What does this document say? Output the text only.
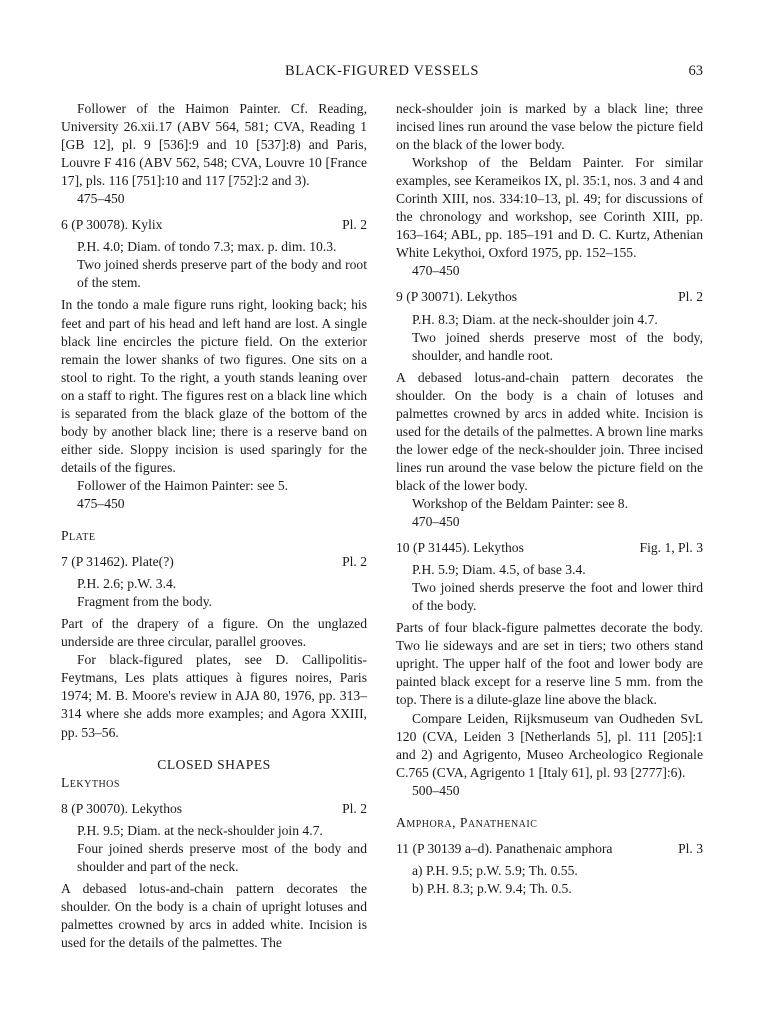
BLACK-FIGURED VESSELS	63

Follower of the Haimon Painter. Cf. Reading, University 26.xii.17 (ABV 564, 581; CVA, Reading 1 [GB 12], pl. 9 [536]:9 and 10 [537]:8) and Paris, Louvre F 416 (ABV 562, 548; CVA, Louvre 10 [France 17], pls. 116 [751]:10 and 117 [752]:2 and 3).

475–450

6 (P 30078). Kylix	Pl. 2

P.H. 4.0; Diam. of tondo 7.3; max. p. dim. 10.3.

Two joined sherds preserve part of the body and root of the stem.

In the tondo a male figure runs right, looking back; his feet and part of his head and left hand are lost. A single black line encircles the picture field. On the exterior remain the lower shanks of two figures. One sits on a stool to right. To the right, a youth stands leaning over on a staff to right. The figures rest on a black line which is separated from the black glaze of the bottom of the body by another black line; there is a reserve band on either side. Sloppy incision is used sparingly for the details of the figures.

Follower of the Haimon Painter: see 5.

475–450

Plate

7 (P 31462). Plate(?)	Pl. 2

P.H. 2.6; p.W. 3.4.

Fragment from the body.

Part of the drapery of a figure. On the unglazed underside are three circular, parallel grooves.

For black-figured plates, see D. Callipolitis-Feytmans, Les plats attiques à figures noires, Paris 1974; M. B. Moore's review in AJA 80, 1976, pp. 313–314 where she adds more examples; and Agora XXIII, pp. 53–56.

CLOSED SHAPES

Lekythos

8 (P 30070). Lekythos	Pl. 2

P.H. 9.5; Diam. at the neck-shoulder join 4.7.

Four joined sherds preserve most of the body and shoulder and part of the neck.

A debased lotus-and-chain pattern decorates the shoulder. On the body is a chain of upright lotuses and palmettes crowned by arcs in added white. Incision is used for the details of the palmettes. The

neck-shoulder join is marked by a black line; three incised lines run around the vase below the picture field on the black of the lower body.

Workshop of the Beldam Painter. For similar examples, see Kerameikos IX, pl. 35:1, nos. 3 and 4 and Corinth XIII, nos. 334:10–13, pl. 49; for discussions of the chronology and workshop, see Corinth XIII, pp. 163–164; ABL, pp. 185–191 and D. C. Kurtz, Athenian White Lekythoi, Oxford 1975, pp. 152–155.

470–450

9 (P 30071). Lekythos	Pl. 2

P.H. 8.3; Diam. at the neck-shoulder join 4.7.

Two joined sherds preserve most of the body, shoulder, and handle root.

A debased lotus-and-chain pattern decorates the shoulder. On the body is a chain of lotuses and palmettes crowned by arcs in added white. Incision is used for the details of the palmettes. A brown line marks the lower edge of the neck-shoulder join. Three incised lines run around the vase below the picture field on the black of the lower body.

Workshop of the Beldam Painter: see 8.

470–450

10 (P 31445). Lekythos	Fig. 1, Pl. 3

P.H. 5.9; Diam. 4.5, of base 3.4.

Two joined sherds preserve the foot and lower third of the body.

Parts of four black-figure palmettes decorate the body. Two lie sideways and are set in tiers; two others stand upright. The upper half of the foot and lower body are painted black except for a reserve line 5 mm. from the top. There is a dilute-glaze line above the black.

Compare Leiden, Rijksmuseum van Oudheden SvL 120 (CVA, Leiden 3 [Netherlands 5], pl. 111 [205]:1 and 2) and Agrigento, Museo Archeologico Regionale C.765 (CVA, Agrigento 1 [Italy 61], pl. 93 [2777]:6).

500–450

Amphora, Panathenaic

11 (P 30139 a–d). Panathenaic amphora	Pl. 3

a) P.H. 9.5; p.W. 5.9; Th. 0.55.

b) P.H. 8.3; p.W. 9.4; Th. 0.5.
